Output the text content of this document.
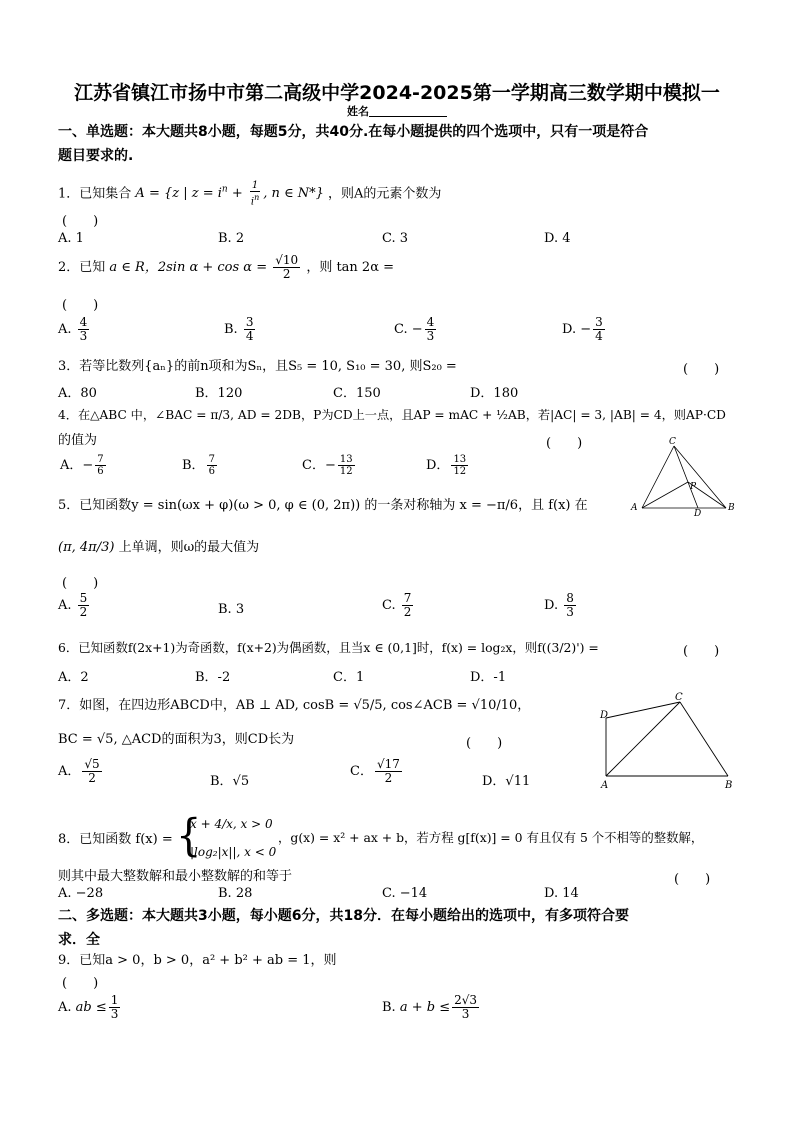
江苏省镇江市扬中市第二高级中学2024-2025第一学期高三数学期中模拟一
姓名
一、单选题：本大题共8小题，每题5分，共40分.在每小题提供的四个选项中，只有一项是符合
题目要求的.
1．已知集合 A = {z | $z = i^n + \frac{1}{i^n}$ , n ∈ N*} ，则A的元素个数为
(　　)
A. 1	B. 2	C. 3	D. 4
2．已知 a ∈ R，2sin $\alpha + \cos \alpha = \frac{√10}{2}$ ，则 tan 2α =
(　　)
A. $\frac{4}{3}$	B. $\frac{3}{4}$	C. − $\frac{4}{3}$	D. − $\frac{3}{4}$
3．若等比数列{aₙ}的前n项和为Sₙ，且S₅ = 10, S₁₀ = 30, 则S₂₀ =	(　　)
A．80	B．120	C．150	D．180
4．在△ABC 中，∠BAC = π/3, AD = 2DB，P为CD上一点，且AP = mAC + ½AB，若|AC| = 3, |AB| = 4，则AP·CD
的值为	(　　)
A．− $\frac{7}{6}$	B． $\frac{7}{6}$	C．− $\frac{13}{12}$	D． $\frac{13}{12}$
C
P
A
D
B
5．已知函数y = sin(ωx + φ)(ω > 0, φ ∈ (0, 2π)) 的一条对称轴为 x = −π/6，且 f(x) 在
(π, 4π/3) 上单调，则ω的最大值为
(　　)
A. $\frac{5}{2}$	B. 3	C. $\frac{7}{2}$	D. $\frac{8}{3}$
6．已知函数f(2x+1)为奇函数，f(x+2)为偶函数，且当x ∈ (0,1]时，f(x) = log₂x，则f((3/2)') =	(　　)
A．2	B．-2	C．1	D．-1
7．如图，在四边形ABCD中，AB ⊥ AD, cosB = √5/5, cos∠ACB = √10/10，
BC = √5, △ACD的面积为3，则CD长为	(　　)
A． $\frac{√5}{2}$	B．√5
C． $\frac{√17}{2}$	D．√11
D
C
A	B
8．已知函数 f(x) = {
x + 4/x, x > 0
|log₂|x||, x < 0
，g(x) = x² + ax + b，若方程 g[f(x)] = 0 有且仅有 5 个不相等的整数解，
则其中最大整数解和最小整数解的和等于	(　　)
A. −28	B. 28	C. −14	D. 14
二、多选题：本大题共3小题，每小题6分，共18分．在每小题给出的选项中，有多项符合要
求．全
9．已知a > 0，b > 0，a² + b² + ab = 1，则
(　　)
A. ab ≤ $\frac{1}{3}$	B. $a + b \le \frac{2√3}{3}$
